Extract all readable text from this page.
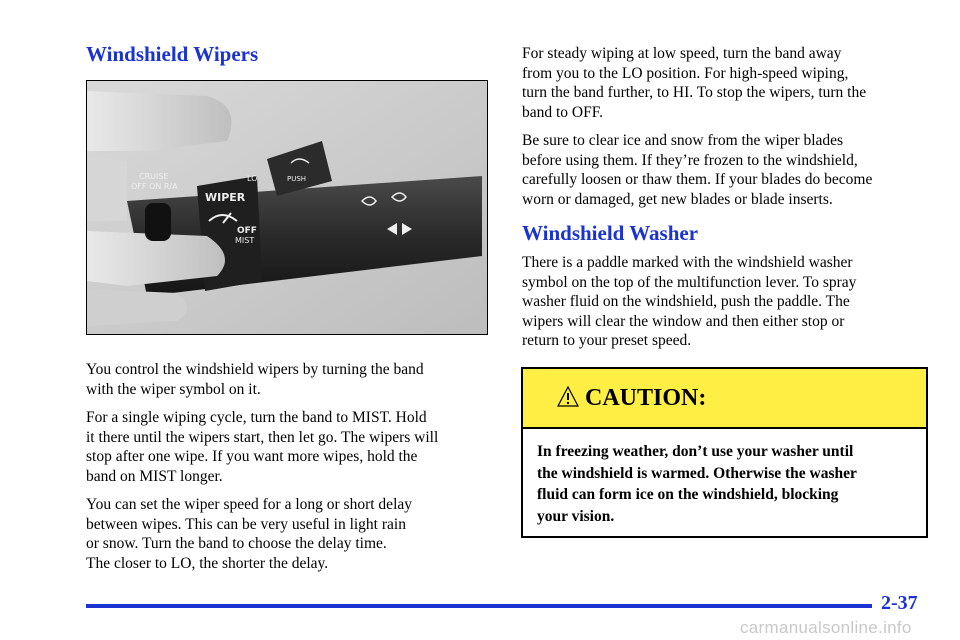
Windshield Wipers
CRUISE
OFF ON R/A
WIPER
OFF
MIST
LO	PUSH

You control the windshield wipers by turning the band
with the wiper symbol on it.

For a single wiping cycle, turn the band to MIST. Hold
it there until the wipers start, then let go. The wipers will
stop after one wipe. If you want more wipes, hold the
band on MIST longer.

You can set the wiper speed for a long or short delay
between wipes. This can be very useful in light rain
or snow. Turn the band to choose the delay time.
The closer to LO, the shorter the delay.

For steady wiping at low speed, turn the band away
from you to the LO position. For high-speed wiping,
turn the band further, to HI. To stop the wipers, turn the
band to OFF.

Be sure to clear ice and snow from the wiper blades
before using them. If they’re frozen to the windshield,
carefully loosen or thaw them. If your blades do become
worn or damaged, get new blades or blade inserts.

Windshield Washer

There is a paddle marked with the windshield washer
symbol on the top of the multifunction lever. To spray
washer fluid on the windshield, push the paddle. The
wipers will clear the window and then either stop or
return to your preset speed.

CAUTION:
In freezing weather, don’t use your washer until
the windshield is warmed. Otherwise the washer
fluid can form ice on the windshield, blocking
your vision.
2-37
carmanualsonline.info
